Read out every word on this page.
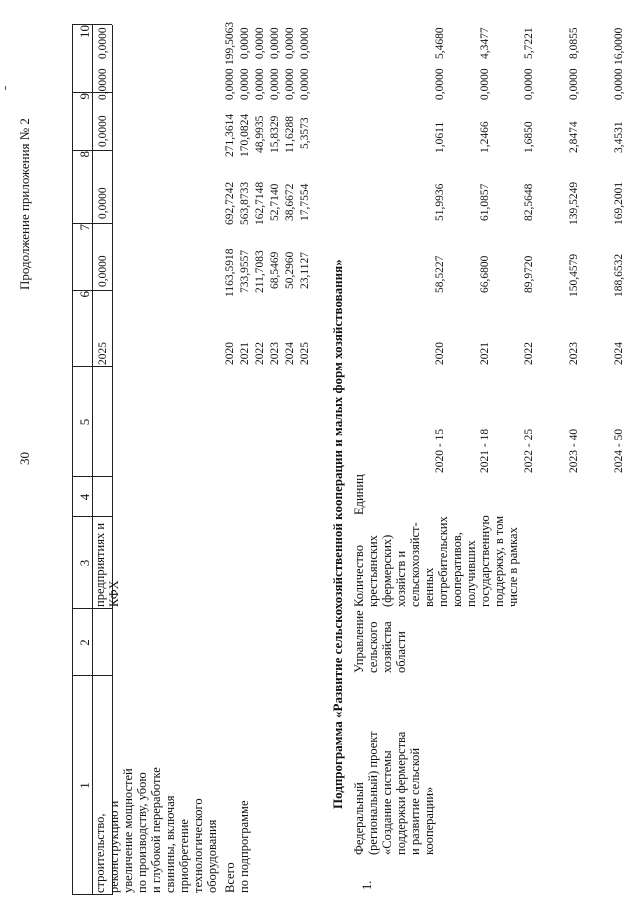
30
Продолжение приложения № 2
1
2
3
4
5
6
7
8
9
10
строительство,
реконструкцию и
увеличение мощностей
по производству, убою
и глубокой переработке
свинины, включая
приобретение
технологического
оборудования
предприятиях и
КФХ
2025
0,0000
0,0000
0,0000
0,0000
0,0000
Всего по подпрограмме
2020
1163,5918
692,7242
271,3614
0,0000
199,5063
2021
733,9557
563,8733
170,0824
0,0000
0,0000
2022
211,7083
162,7148
48,9935
0,0000
0,0000
2023
68,5469
52,7140
15,8329
0,0000
0,0000
2024
50,2960
38,6672
11,6288
0,0000
0,0000
2025
23,1127
17,7554
5,3573
0,0000
0,0000
Подпрограмма «Развитие сельскохозяйственной кооперации и малых форм хозяйствования»
1.
Федеральный
(региональный) проект
«Создание системы
поддержки фермерства
и развитие сельской
кооперации»
Управление
сельского
хозяйства
области
Количество
крестьянских
(фермерских)
хозяйств и
сельскохозяйст-
венных
потребительских
кооперативов,
получивших
государственную
поддержку, в том
числе в рамках
Единиц
2020 - 15
2020
58,5227
51,9936
1,0611
0,0000
5,4680
2021 - 18
2021
66,6800
61,0857
1,2466
0,0000
4,3477
2022 - 25
2022
89,9720
82,5648
1,6850
0,0000
5,7221
2023 - 40
2023
150,4579
139,5249
2,8474
0,0000
8,0855
2024 - 50
2024
188,6532
169,2001
3,4531
0,0000
16,0000
